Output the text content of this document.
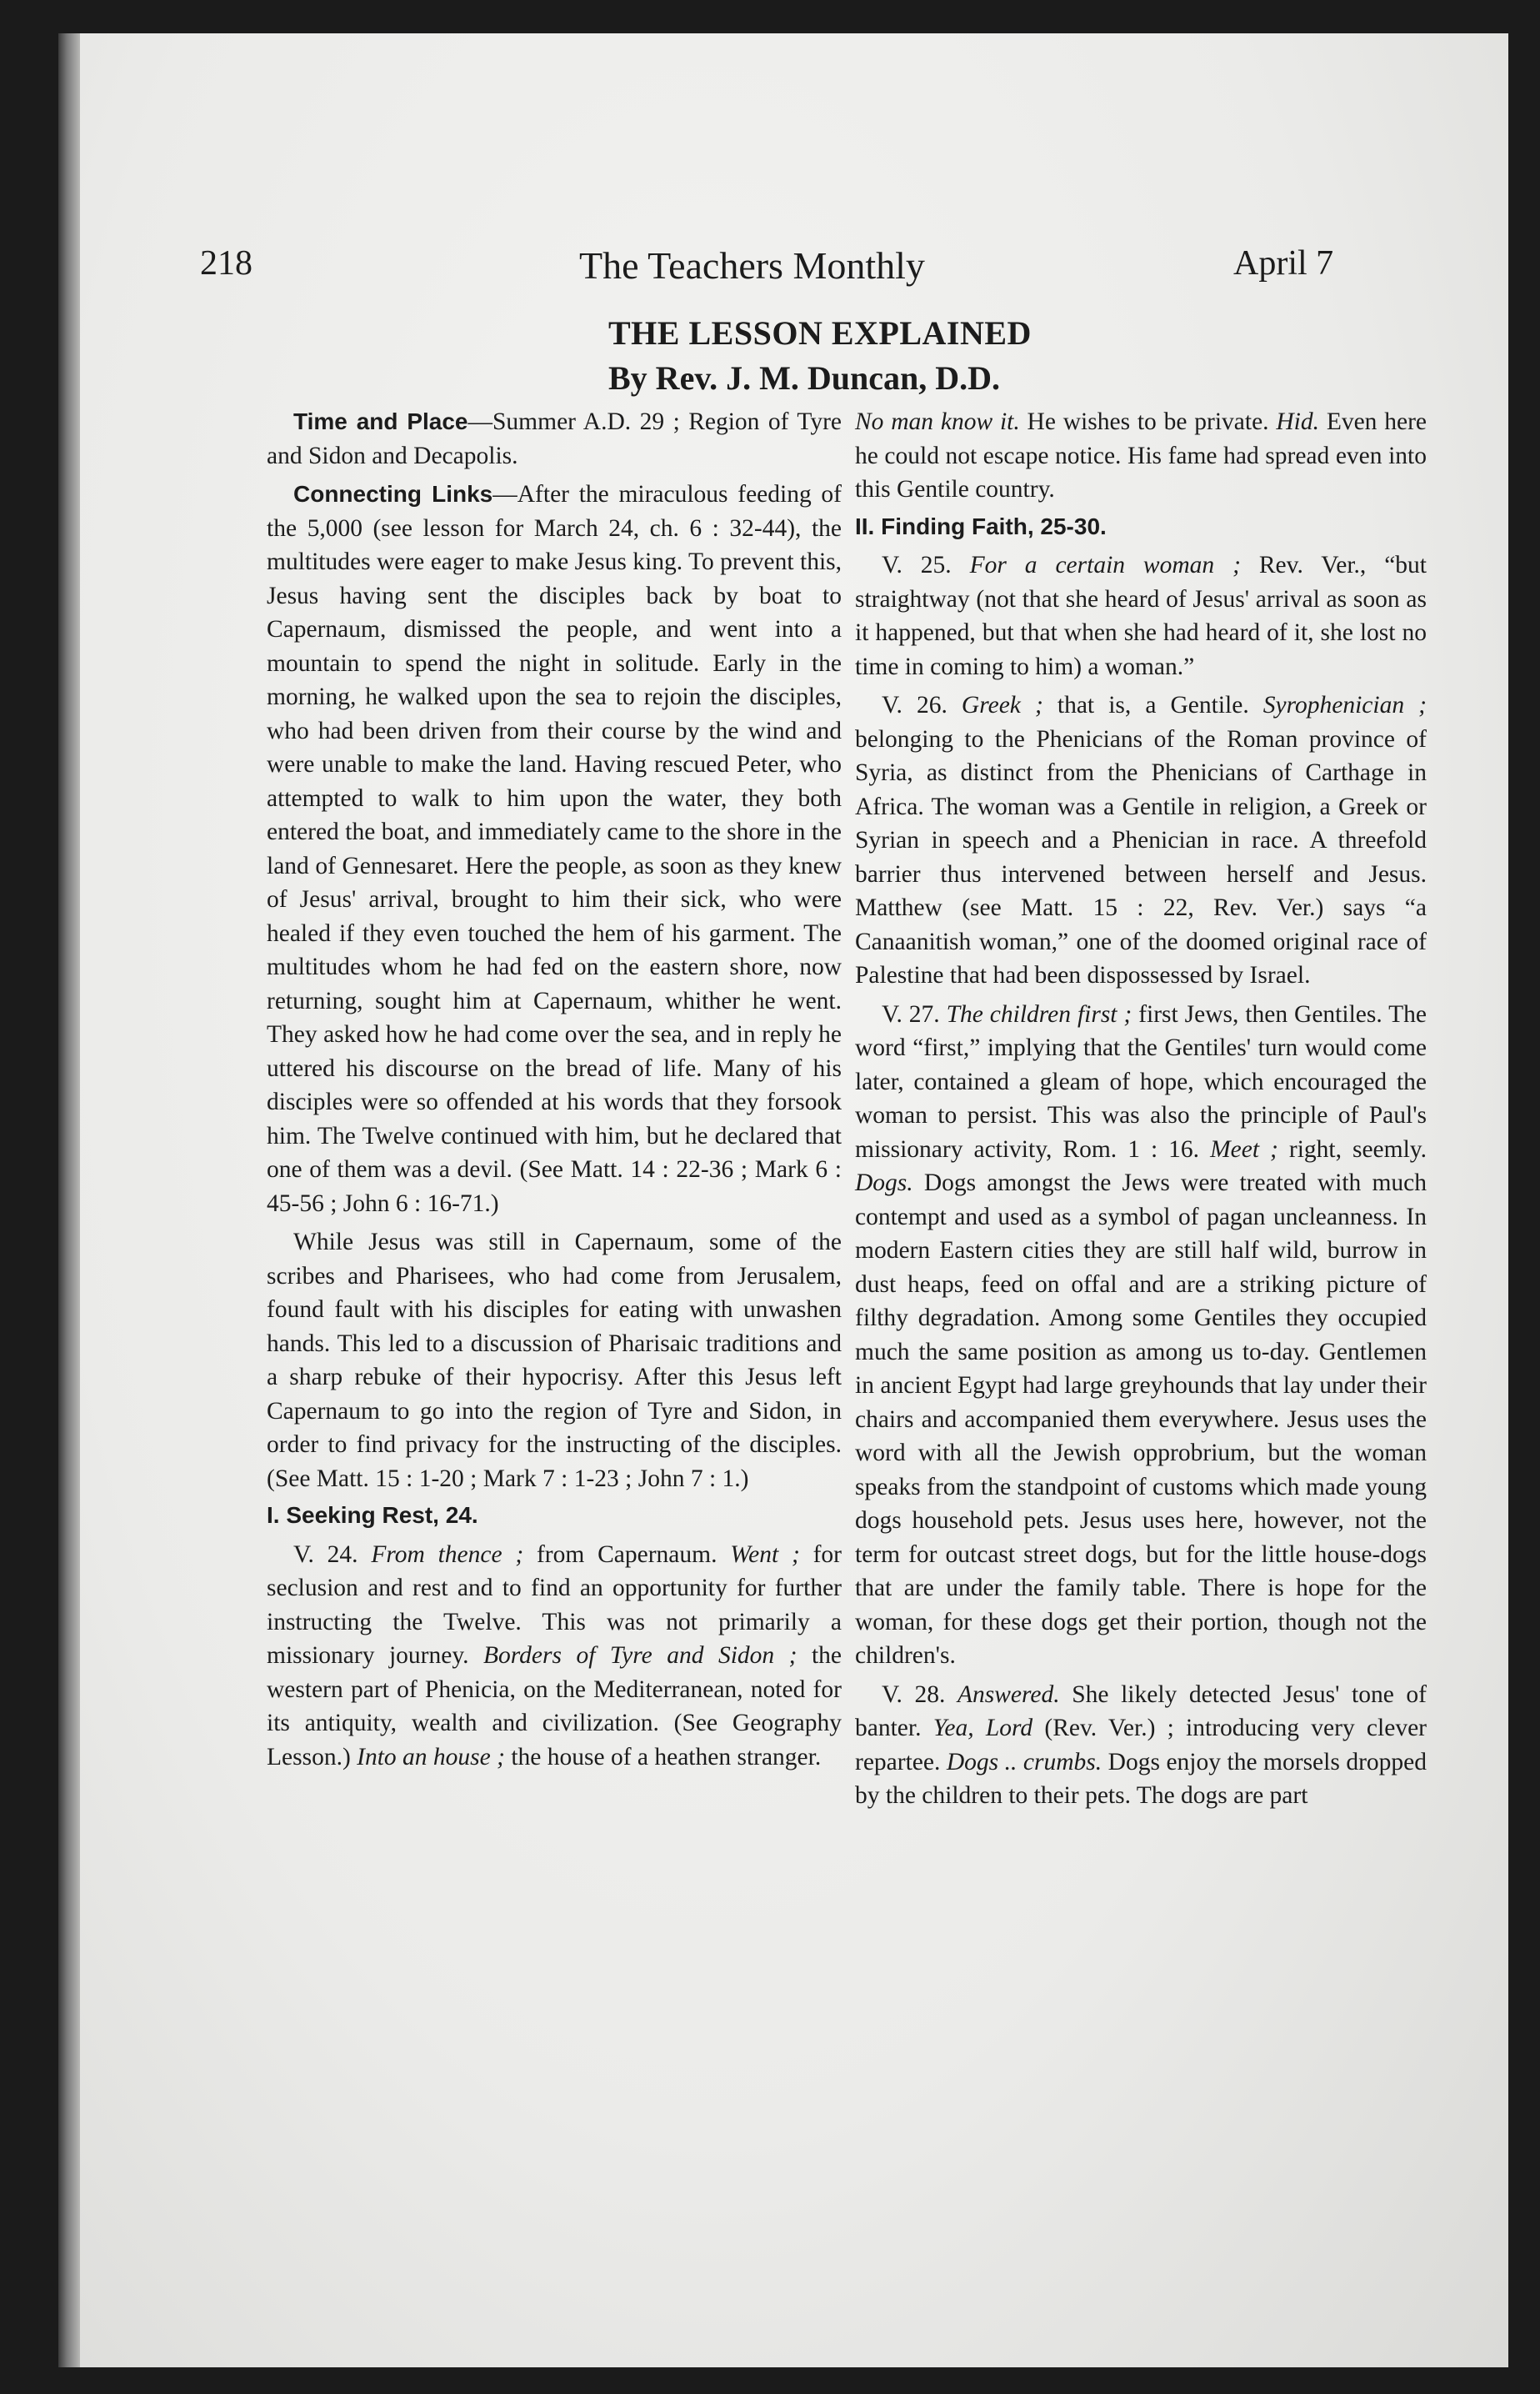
218	The Teachers Monthly	April 7
THE LESSON EXPLAINED
By Rev. J. M. Duncan, D.D.

Time and Place—Summer A.D. 29 ; Region of Tyre and Sidon and Decapolis.

Connecting Links—After the miraculous feeding of the 5,000 (see lesson for March 24, ch. 6 : 32-44), the multitudes were eager to make Jesus king. To prevent this, Jesus having sent the disciples back by boat to Capernaum, dismissed the people, and went into a mountain to spend the night in solitude. Early in the morning, he walked upon the sea to rejoin the disciples, who had been driven from their course by the wind and were unable to make the land. Having rescued Peter, who attempted to walk to him upon the water, they both entered the boat, and immediately came to the shore in the land of Gennesaret. Here the people, as soon as they knew of Jesus' arrival, brought to him their sick, who were healed if they even touched the hem of his garment. The multitudes whom he had fed on the eastern shore, now returning, sought him at Capernaum, whither he went. They asked how he had come over the sea, and in reply he uttered his discourse on the bread of life. Many of his disciples were so offended at his words that they forsook him. The Twelve continued with him, but he declared that one of them was a devil. (See Matt. 14 : 22-36 ; Mark 6 : 45-56 ; John 6 : 16-71.)

While Jesus was still in Capernaum, some of the scribes and Pharisees, who had come from Jerusalem, found fault with his disciples for eating with unwashen hands. This led to a discussion of Pharisaic traditions and a sharp rebuke of their hypocrisy. After this Jesus left Capernaum to go into the region of Tyre and Sidon, in order to find privacy for the instructing of the disciples. (See Matt. 15 : 1-20 ; Mark 7 : 1-23 ; John 7 : 1.)

I. Seeking Rest, 24.

V. 24. From thence ; from Capernaum. Went ; for seclusion and rest and to find an opportunity for further instructing the Twelve. This was not primarily a missionary journey. Borders of Tyre and Sidon ; the western part of Phenicia, on the Mediterranean, noted for its antiquity, wealth and civilization. (See Geography Lesson.) Into an house ; the house of a heathen stranger.

No man know it. He wishes to be private. Hid. Even here he could not escape notice. His fame had spread even into this Gentile country.

II. Finding Faith, 25-30.

V. 25. For a certain woman ; Rev. Ver., “but straightway (not that she heard of Jesus' arrival as soon as it happened, but that when she had heard of it, she lost no time in coming to him) a woman.”

V. 26. Greek ; that is, a Gentile. Syrophenician ; belonging to the Phenicians of the Roman province of Syria, as distinct from the Phenicians of Carthage in Africa. The woman was a Gentile in religion, a Greek or Syrian in speech and a Phenician in race. A threefold barrier thus intervened between herself and Jesus. Matthew (see Matt. 15 : 22, Rev. Ver.) says “a Canaanitish woman,” one of the doomed original race of Palestine that had been dispossessed by Israel.

V. 27. The children first ; first Jews, then Gentiles. The word “first,” implying that the Gentiles' turn would come later, contained a gleam of hope, which encouraged the woman to persist. This was also the principle of Paul's missionary activity, Rom. 1 : 16. Meet ; right, seemly. Dogs. Dogs amongst the Jews were treated with much contempt and used as a symbol of pagan uncleanness. In modern Eastern cities they are still half wild, burrow in dust heaps, feed on offal and are a striking picture of filthy degradation. Among some Gentiles they occupied much the same position as among us to-day. Gentlemen in ancient Egypt had large greyhounds that lay under their chairs and accompanied them everywhere. Jesus uses the word with all the Jewish opprobrium, but the woman speaks from the standpoint of customs which made young dogs household pets. Jesus uses here, however, not the term for outcast street dogs, but for the little house-dogs that are under the family table. There is hope for the woman, for these dogs get their portion, though not the children's.

V. 28. Answered. She likely detected Jesus' tone of banter. Yea, Lord (Rev. Ver.) ; introducing very clever repartee. Dogs .. crumbs. Dogs enjoy the morsels dropped by the children to their pets. The dogs are part
